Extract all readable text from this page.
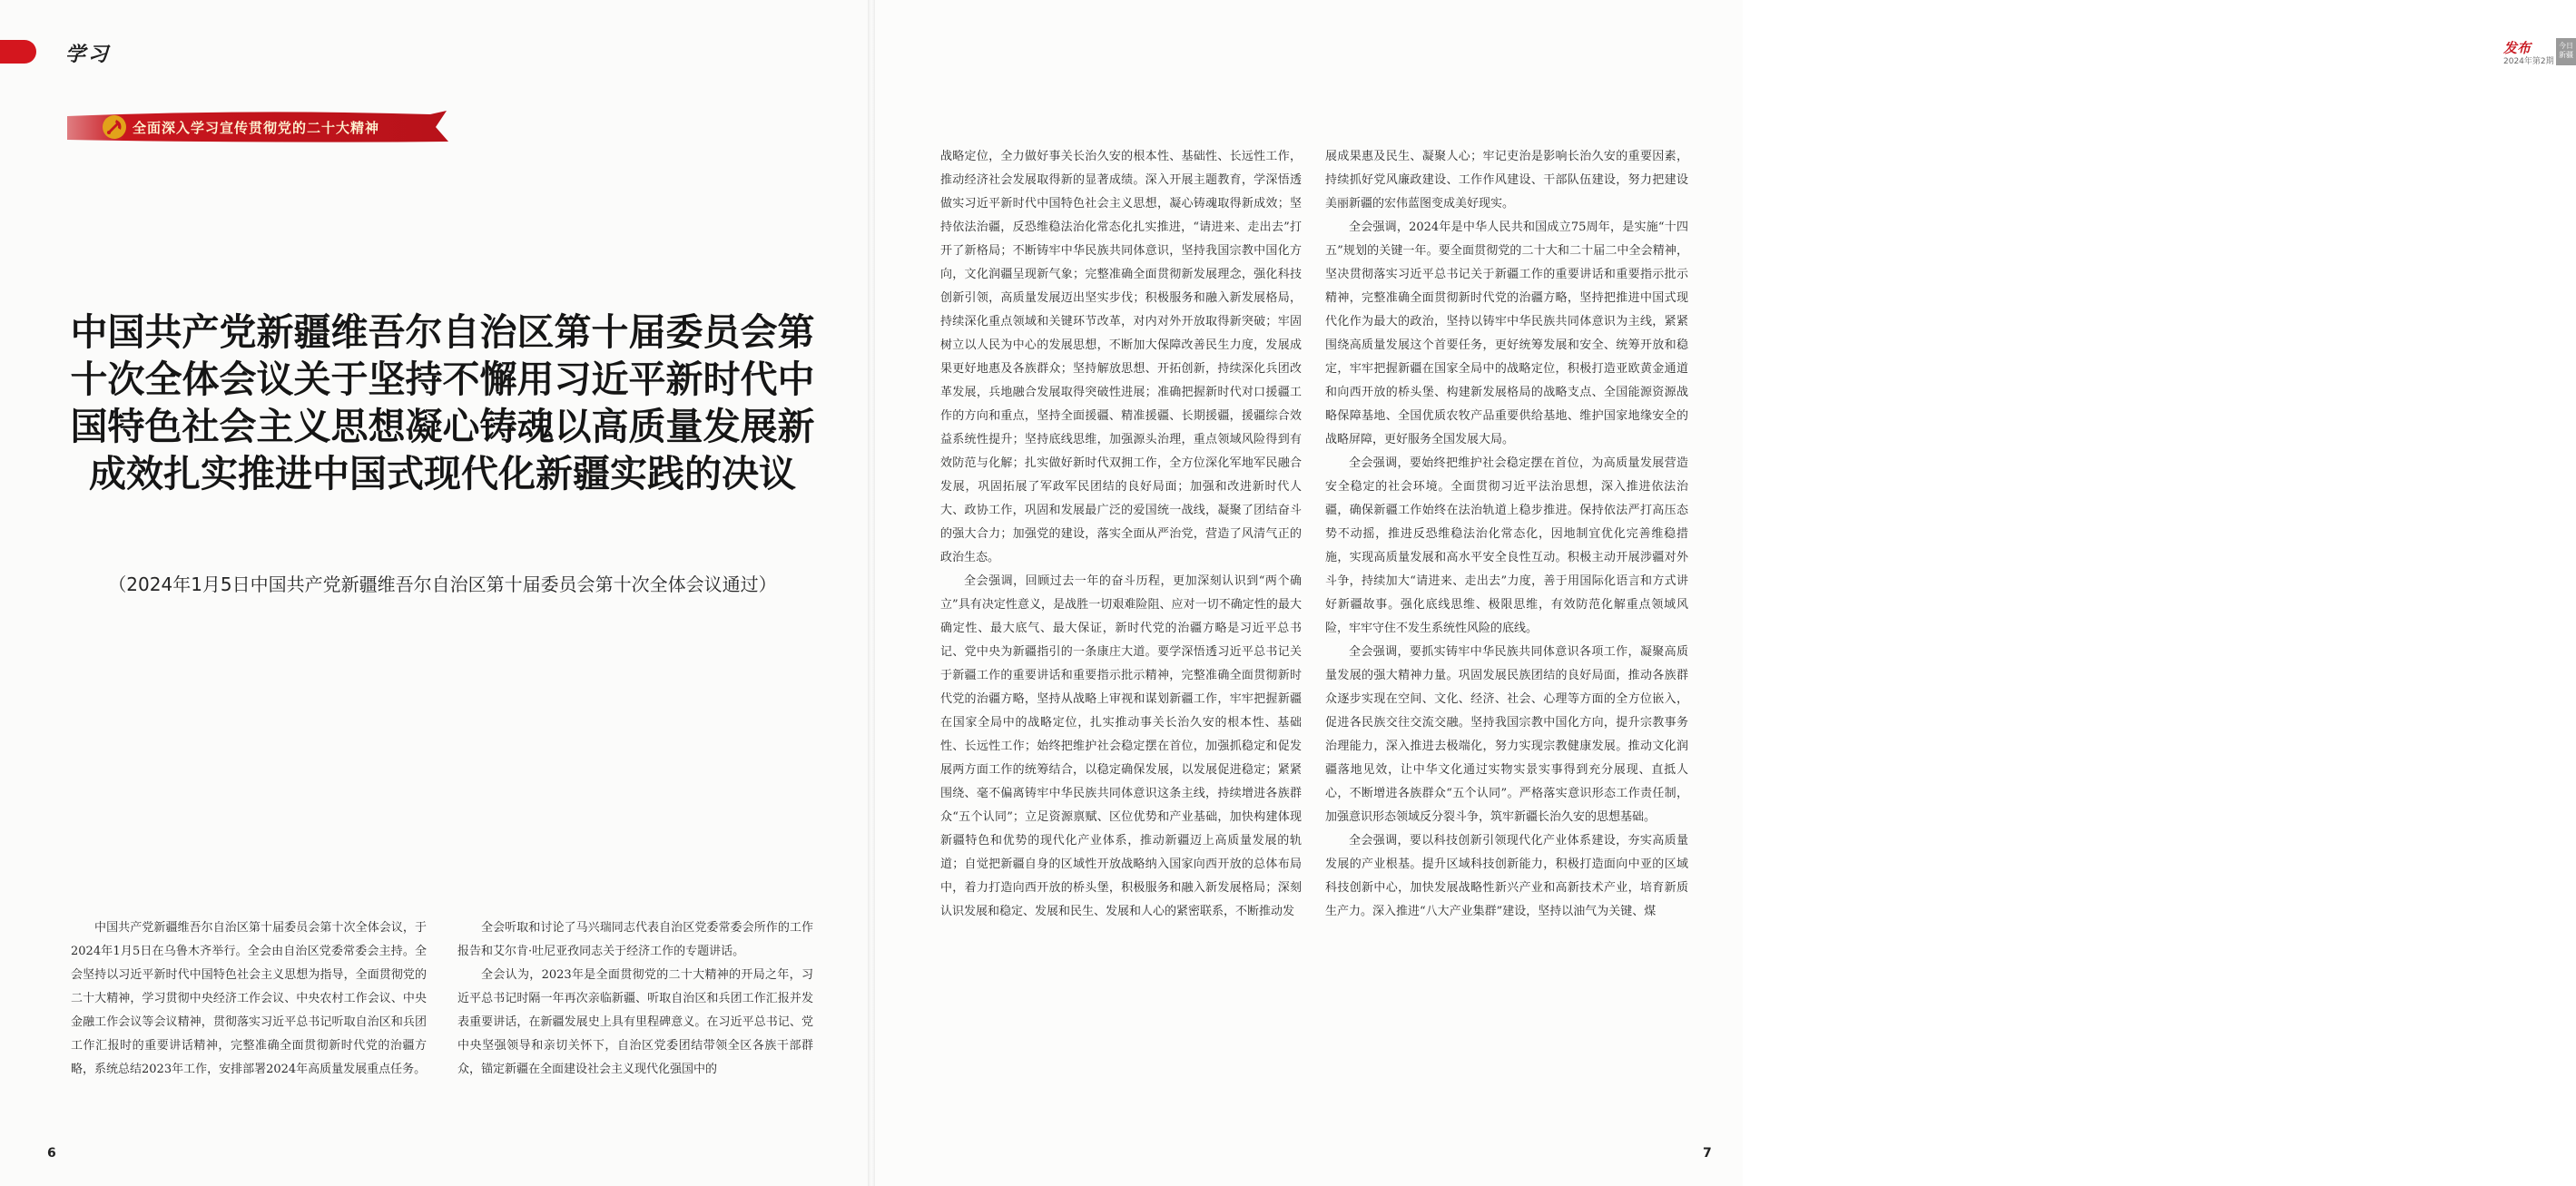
学习
全面深入学习宣传贯彻党的二十大精神
中国共产党新疆维吾尔自治区第十届委员会第十次全体会议关于坚持不懈用习近平新时代中国特色社会主义思想凝心铸魂以高质量发展新成效扎实推进中国式现代化新疆实践的决议
（2024年1月5日中国共产党新疆维吾尔自治区第十届委员会第十次全体会议通过）

中国共产党新疆维吾尔自治区第十届委员会第十次全体会议，于2024年1月5日在乌鲁木齐举行。全会由自治区党委常委会主持。全会坚持以习近平新时代中国特色社会主义思想为指导，全面贯彻党的二十大精神，学习贯彻中央经济工作会议、中央农村工作会议、中央金融工作会议等会议精神，贯彻落实习近平总书记听取自治区和兵团工作汇报时的重要讲话精神，完整准确全面贯彻新时代党的治疆方略，系统总结2023年工作，安排部署2024年高质量发展重点任务。

全会听取和讨论了马兴瑞同志代表自治区党委常委会所作的工作报告和艾尔肯·吐尼亚孜同志关于经济工作的专题讲话。

全会认为，2023年是全面贯彻党的二十大精神的开局之年，习近平总书记时隔一年再次亲临新疆、听取自治区和兵团工作汇报并发表重要讲话，在新疆发展史上具有里程碑意义。在习近平总书记、党中央坚强领导和亲切关怀下，自治区党委团结带领全区各族干部群众，锚定新疆在全面建设社会主义现代化强国中的

6
发布	今日新疆
2024年第2期

战略定位，全力做好事关长治久安的根本性、基础性、长远性工作，推动经济社会发展取得新的显著成绩。深入开展主题教育，学深悟透做实习近平新时代中国特色社会主义思想，凝心铸魂取得新成效；坚持依法治疆，反恐维稳法治化常态化扎实推进，“请进来、走出去”打开了新格局；不断铸牢中华民族共同体意识，坚持我国宗教中国化方向，文化润疆呈现新气象；完整准确全面贯彻新发展理念，强化科技创新引领，高质量发展迈出坚实步伐；积极服务和融入新发展格局，持续深化重点领域和关键环节改革，对内对外开放取得新突破；牢固树立以人民为中心的发展思想，不断加大保障改善民生力度，发展成果更好地惠及各族群众；坚持解放思想、开拓创新，持续深化兵团改革发展，兵地融合发展取得突破性进展；准确把握新时代对口援疆工作的方向和重点，坚持全面援疆、精准援疆、长期援疆，援疆综合效益系统性提升；坚持底线思维，加强源头治理，重点领域风险得到有效防范与化解；扎实做好新时代双拥工作，全方位深化军地军民融合发展，巩固拓展了军政军民团结的良好局面；加强和改进新时代人大、政协工作，巩固和发展最广泛的爱国统一战线，凝聚了团结奋斗的强大合力；加强党的建设，落实全面从严治党，营造了风清气正的政治生态。

全会强调，回顾过去一年的奋斗历程，更加深刻认识到“两个确立”具有决定性意义，是战胜一切艰难险阻、应对一切不确定性的最大确定性、最大底气、最大保证，新时代党的治疆方略是习近平总书记、党中央为新疆指引的一条康庄大道。要学深悟透习近平总书记关于新疆工作的重要讲话和重要指示批示精神，完整准确全面贯彻新时代党的治疆方略，坚持从战略上审视和谋划新疆工作，牢牢把握新疆在国家全局中的战略定位，扎实推动事关长治久安的根本性、基础性、长远性工作；始终把维护社会稳定摆在首位，加强抓稳定和促发展两方面工作的统筹结合，以稳定确保发展，以发展促进稳定；紧紧围绕、毫不偏离铸牢中华民族共同体意识这条主线，持续增进各族群众“五个认同”；立足资源禀赋、区位优势和产业基础，加快构建体现新疆特色和优势的现代化产业体系，推动新疆迈上高质量发展的轨道；自觉把新疆自身的区域性开放战略纳入国家向西开放的总体布局中，着力打造向西开放的桥头堡，积极服务和融入新发展格局；深刻认识发展和稳定、发展和民生、发展和人心的紧密联系，不断推动发

展成果惠及民生、凝聚人心；牢记吏治是影响长治久安的重要因素，持续抓好党风廉政建设、工作作风建设、干部队伍建设，努力把建设美丽新疆的宏伟蓝图变成美好现实。

全会强调，2024年是中华人民共和国成立75周年，是实施“十四五”规划的关键一年。要全面贯彻党的二十大和二十届二中全会精神，坚决贯彻落实习近平总书记关于新疆工作的重要讲话和重要指示批示精神，完整准确全面贯彻新时代党的治疆方略，坚持把推进中国式现代化作为最大的政治，坚持以铸牢中华民族共同体意识为主线，紧紧围绕高质量发展这个首要任务，更好统筹发展和安全、统筹开放和稳定，牢牢把握新疆在国家全局中的战略定位，积极打造亚欧黄金通道和向西开放的桥头堡、构建新发展格局的战略支点、全国能源资源战略保障基地、全国优质农牧产品重要供给基地、维护国家地缘安全的战略屏障，更好服务全国发展大局。

全会强调，要始终把维护社会稳定摆在首位，为高质量发展营造安全稳定的社会环境。全面贯彻习近平法治思想，深入推进依法治疆，确保新疆工作始终在法治轨道上稳步推进。保持依法严打高压态势不动摇，推进反恐维稳法治化常态化，因地制宜优化完善维稳措施，实现高质量发展和高水平安全良性互动。积极主动开展涉疆对外斗争，持续加大“请进来、走出去”力度，善于用国际化语言和方式讲好新疆故事。强化底线思维、极限思维，有效防范化解重点领域风险，牢牢守住不发生系统性风险的底线。

全会强调，要抓实铸牢中华民族共同体意识各项工作，凝聚高质量发展的强大精神力量。巩固发展民族团结的良好局面，推动各族群众逐步实现在空间、文化、经济、社会、心理等方面的全方位嵌入，促进各民族交往交流交融。坚持我国宗教中国化方向，提升宗教事务治理能力，深入推进去极端化，努力实现宗教健康发展。推动文化润疆落地见效，让中华文化通过实物实景实事得到充分展现、直抵人心，不断增进各族群众“五个认同”。严格落实意识形态工作责任制，加强意识形态领域反分裂斗争，筑牢新疆长治久安的思想基础。

全会强调，要以科技创新引领现代化产业体系建设，夯实高质量发展的产业根基。提升区域科技创新能力，积极打造面向中亚的区域科技创新中心，加快发展战略性新兴产业和高新技术产业，培育新质生产力。深入推进“八大产业集群”建设，坚持以油气为关键、煤

7
